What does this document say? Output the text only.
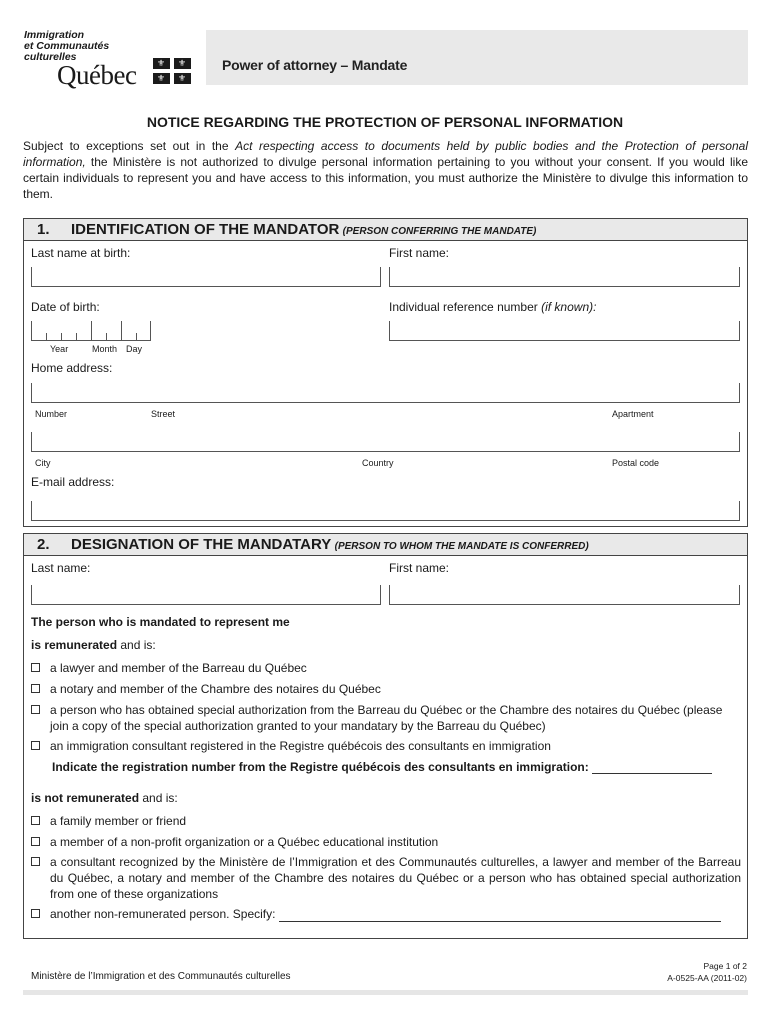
Immigration
et Communautés
culturelles
Québec ⚜ ⚜
⚜ ⚜
Power of attorney – Mandate
NOTICE REGARDING THE PROTECTION OF PERSONAL INFORMATION
Subject to exceptions set out in the Act respecting access to documents held by public bodies and the Protection of personal information, the Ministère is not authorized to divulge personal information pertaining to you without your consent. If you would like certain individuals to represent you and have access to this information, you must authorize the Ministère to divulge this information to them.
1. IDENTIFICATION OF THE MANDATOR (PERSON CONFERRING THE MANDATE)
Last name at birth:	First name:
Date of birth:	Individual reference number (if known):
Year	Month Day
Home address:
Number	Street	Apartment
City	Country	Postal code
E-mail address:
2. DESIGNATION OF THE MANDATARY (PERSON TO WHOM THE MANDATE IS CONFERRED)
Last name:	First name:
The person who is mandated to represent me
is remunerated and is:
a lawyer and member of the Barreau du Québec
a notary and member of the Chambre des notaires du Québec
a person who has obtained special authorization from the Barreau du Québec or the Chambre des notaires du Québec (please join a copy of the special authorization granted to your mandatary by the Barreau du Québec)
an immigration consultant registered in the Registre québécois des consultants en immigration
Indicate the registration number from the Registre québécois des consultants en immigration:
is not remunerated and is:
a family member or friend
a member of a non-profit organization or a Québec educational institution
a consultant recognized by the Ministère de l’Immigration et des Communautés culturelles, a lawyer and member of the Barreau du Québec, a notary and member of the Chambre des notaires du Québec or a person who has obtained special authorization from one of these organizations
another non-remunerated person. Specify:
Ministère de l’Immigration et des Communautés culturelles
Page 1 of 2
A-0525-AA (2011-02)
